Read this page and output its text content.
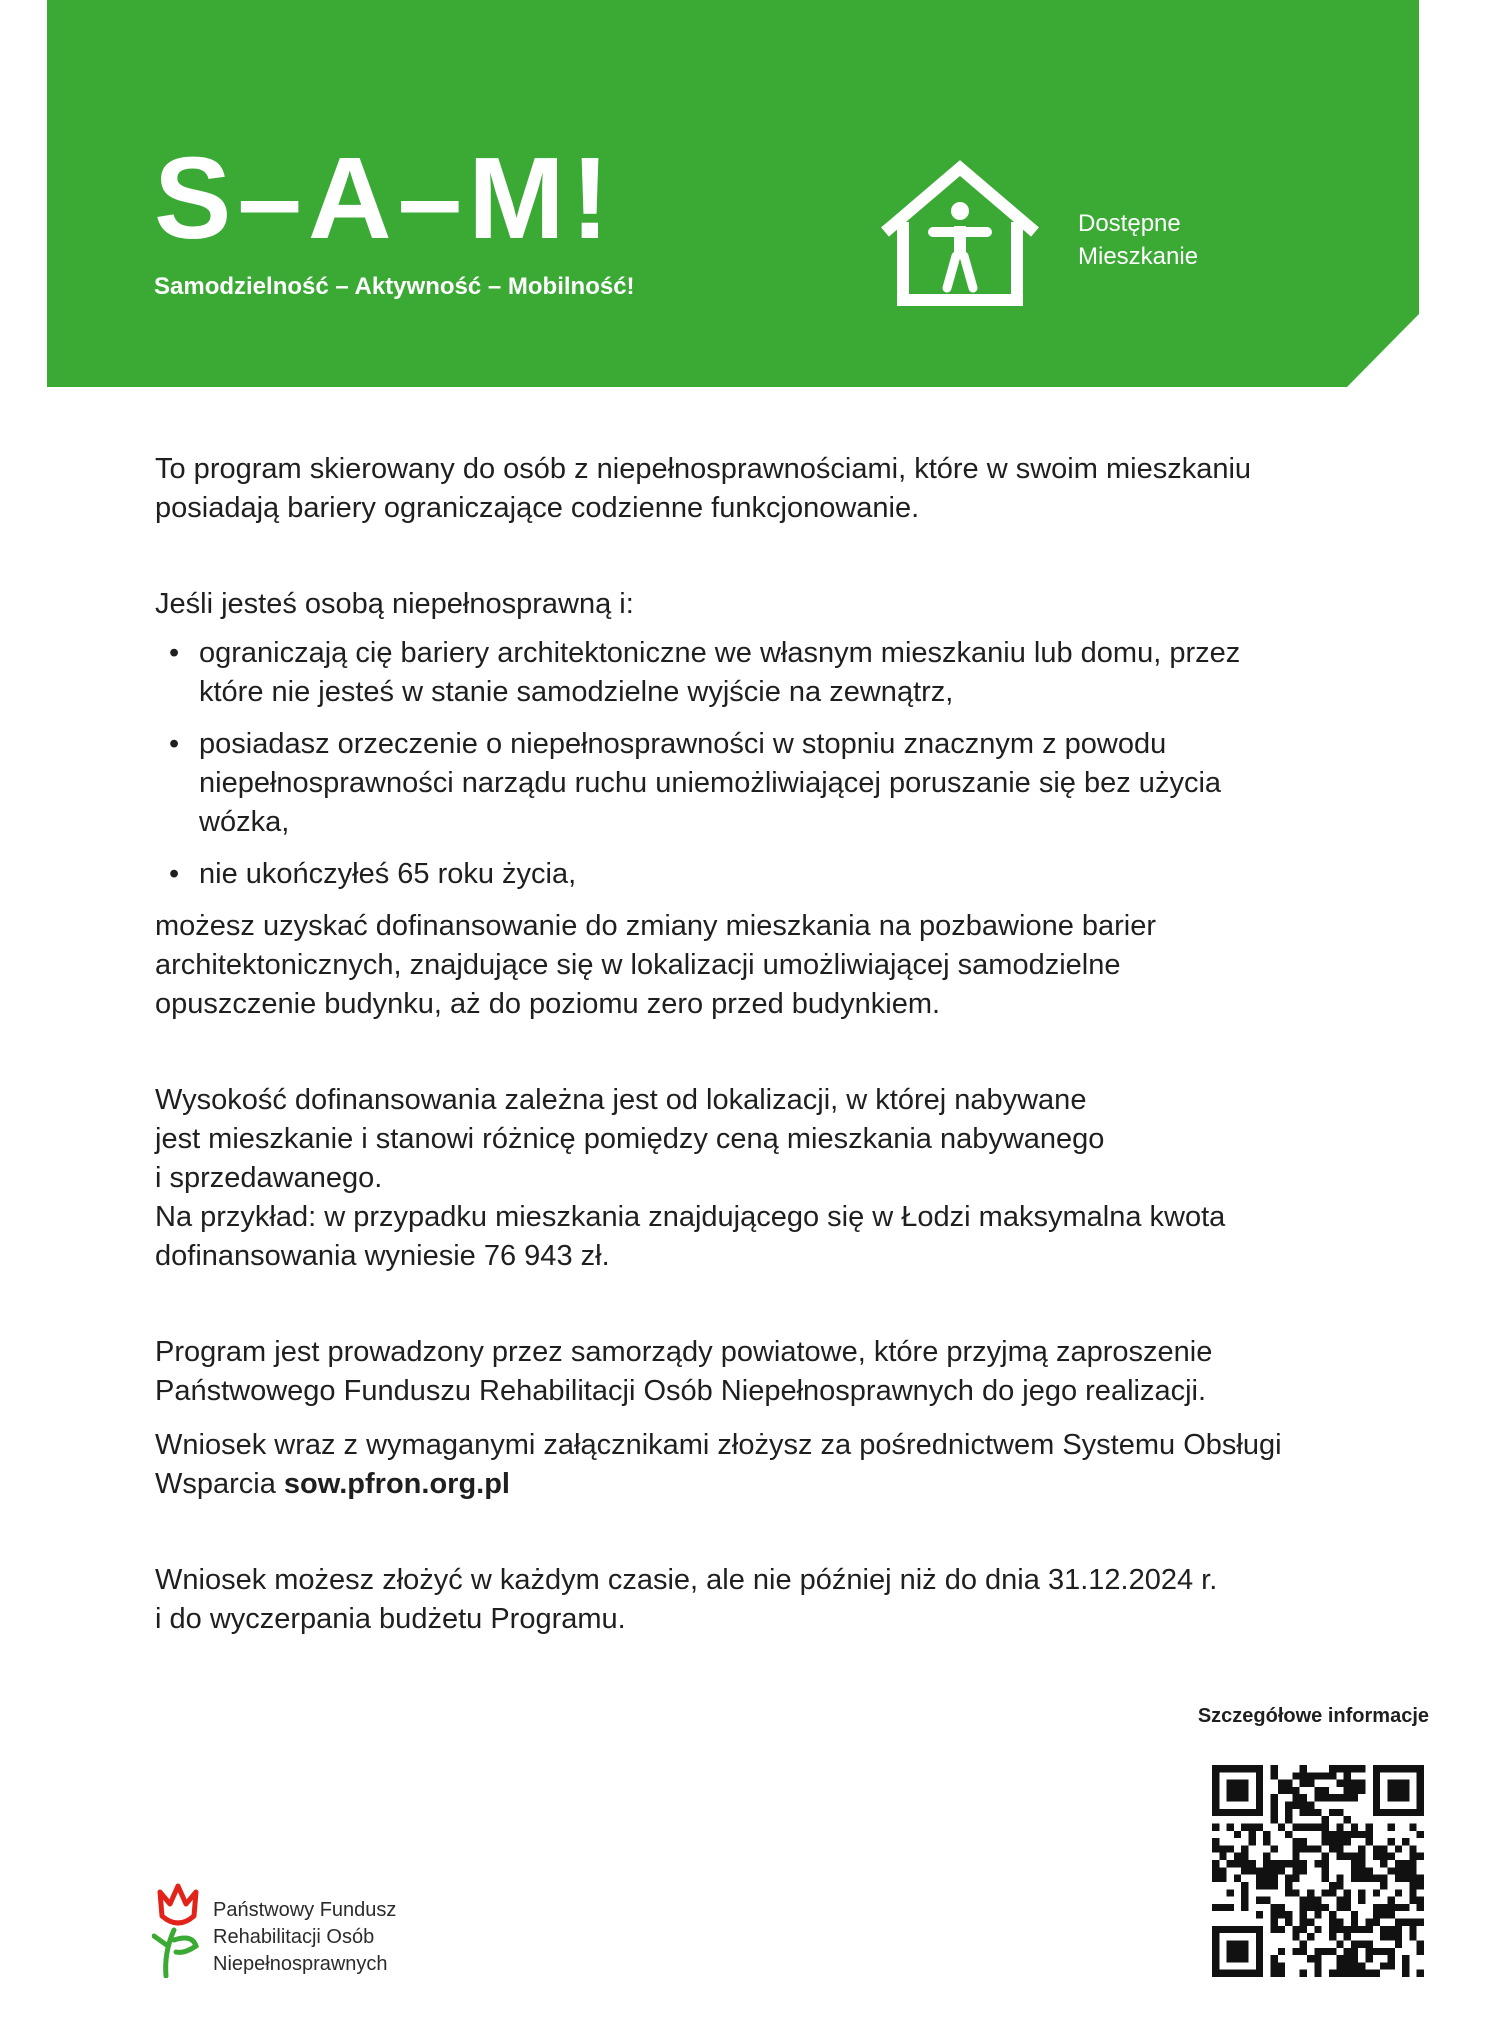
S–A–M!
Samodzielność – Aktywność – Mobilność!
Dostępne
Mieszkanie

To program skierowany do osób z niepełnosprawnościami, które w swoim mieszkaniu
posiadają bariery ograniczające codzienne funkcjonowanie.

Jeśli jesteś osobą niepełnosprawną i:

• ograniczają cię bariery architektoniczne we własnym mieszkaniu lub domu, przez
które nie jesteś w stanie samodzielne wyjście na zewnątrz,
• posiadasz orzeczenie o niepełnosprawności w stopniu znacznym z powodu
niepełnosprawności narządu ruchu uniemożliwiającej poruszanie się bez użycia
wózka,
• nie ukończyłeś 65 roku życia,

możesz uzyskać dofinansowanie do zmiany mieszkania na pozbawione barier
architektonicznych, znajdujące się w lokalizacji umożliwiającej samodzielne
opuszczenie budynku, aż do poziomu zero przed budynkiem.

Wysokość dofinansowania zależna jest od lokalizacji, w której nabywane
jest mieszkanie i stanowi różnicę pomiędzy ceną mieszkania nabywanego
i sprzedawanego.
Na przykład: w przypadku mieszkania znajdującego się w Łodzi maksymalna kwota
dofinansowania wyniesie 76 943 zł.

Program jest prowadzony przez samorządy powiatowe, które przyjmą zaproszenie
Państwowego Funduszu Rehabilitacji Osób Niepełnosprawnych do jego realizacji.

Wniosek wraz z wymaganymi załącznikami złożysz za pośrednictwem Systemu Obsługi
Wsparcia sow.pfron.org.pl

Wniosek możesz złożyć w każdym czasie, ale nie później niż do dnia 31.12.2024 r.
i do wyczerpania budżetu Programu.

Szczegółowe informacje
Państwowy Fundusz
Rehabilitacji Osób
Niepełnosprawnych
